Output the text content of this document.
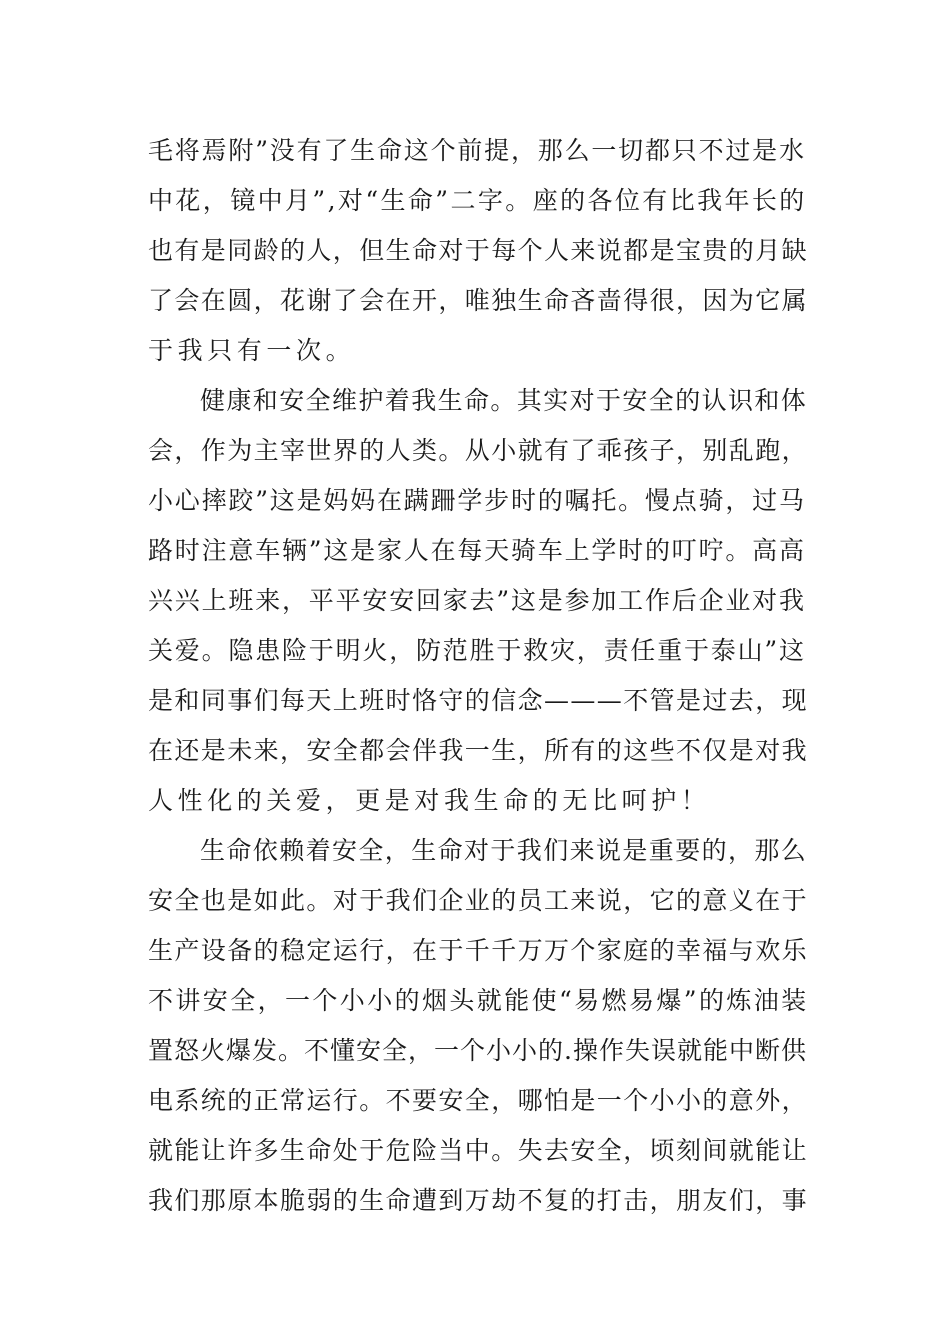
毛将焉附”没有了生命这个前提，那么一切都只不过是水
中花，镜中月”,对“生命”二字。座的各位有比我年长的
也有是同龄的人，但生命对于每个人来说都是宝贵的月缺
了会在圆，花谢了会在开，唯独生命吝啬得很，因为它属
于我只有一次。
健康和安全维护着我生命。其实对于安全的认识和体
会，作为主宰世界的人类。从小就有了乖孩子，别乱跑，
小心摔跤”这是妈妈在蹒跚学步时的嘱托。慢点骑，过马
路时注意车辆”这是家人在每天骑车上学时的叮咛。高高
兴兴上班来，平平安安回家去”这是参加工作后企业对我
关爱。隐患险于明火，防范胜于救灾，责任重于泰山”这
是和同事们每天上班时恪守的信念———不管是过去，现
在还是未来，安全都会伴我一生，所有的这些不仅是对我
人性化的关爱，更是对我生命的无比呵护！
生命依赖着安全，生命对于我们来说是重要的，那么
安全也是如此。对于我们企业的员工来说，它的意义在于
生产设备的稳定运行，在于千千万万个家庭的幸福与欢乐
不讲安全，一个小小的烟头就能使“易燃易爆”的炼油装
置怒火爆发。不懂安全，一个小小的.操作失误就能中断供
电系统的正常运行。不要安全，哪怕是一个小小的意外，
就能让许多生命处于危险当中。失去安全，顷刻间就能让
我们那原本脆弱的生命遭到万劫不复的打击，朋友们，事
